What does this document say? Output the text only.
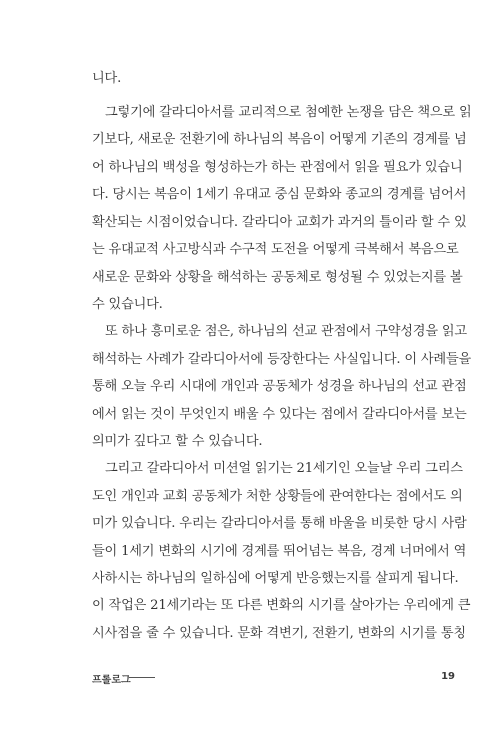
니다.
그렇기에 갈라디아서를 교리적으로 첨예한 논쟁을 담은 책으로 읽
기보다, 새로운 전환기에 하나님의 복음이 어떻게 기존의 경계를 넘
어 하나님의 백성을 형성하는가 하는 관점에서 읽을 필요가 있습니
다. 당시는 복음이 1세기 유대교 중심 문화와 종교의 경계를 넘어서
확산되는 시점이었습니다. 갈라디아 교회가 과거의 틀이라 할 수 있
는 유대교적 사고방식과 수구적 도전을 어떻게 극복해서 복음으로
새로운 문화와 상황을 해석하는 공동체로 형성될 수 있었는지를 볼
수 있습니다.
또 하나 흥미로운 점은, 하나님의 선교 관점에서 구약성경을 읽고
해석하는 사례가 갈라디아서에 등장한다는 사실입니다. 이 사례들을
통해 오늘 우리 시대에 개인과 공동체가 성경을 하나님의 선교 관점
에서 읽는 것이 무엇인지 배울 수 있다는 점에서 갈라디아서를 보는
의미가 깊다고 할 수 있습니다.
그리고 갈라디아서 미션얼 읽기는 21세기인 오늘날 우리 그리스
도인 개인과 교회 공동체가 처한 상황들에 관여한다는 점에서도 의
미가 있습니다. 우리는 갈라디아서를 통해 바울을 비롯한 당시 사람
들이 1세기 변화의 시기에 경계를 뛰어넘는 복음, 경계 너머에서 역
사하시는 하나님의 일하심에 어떻게 반응했는지를 살피게 됩니다.
이 작업은 21세기라는 또 다른 변화의 시기를 살아가는 우리에게 큰
시사점을 줄 수 있습니다. 문화 격변기, 전환기, 변화의 시기를 통칭
프롤로그	19
